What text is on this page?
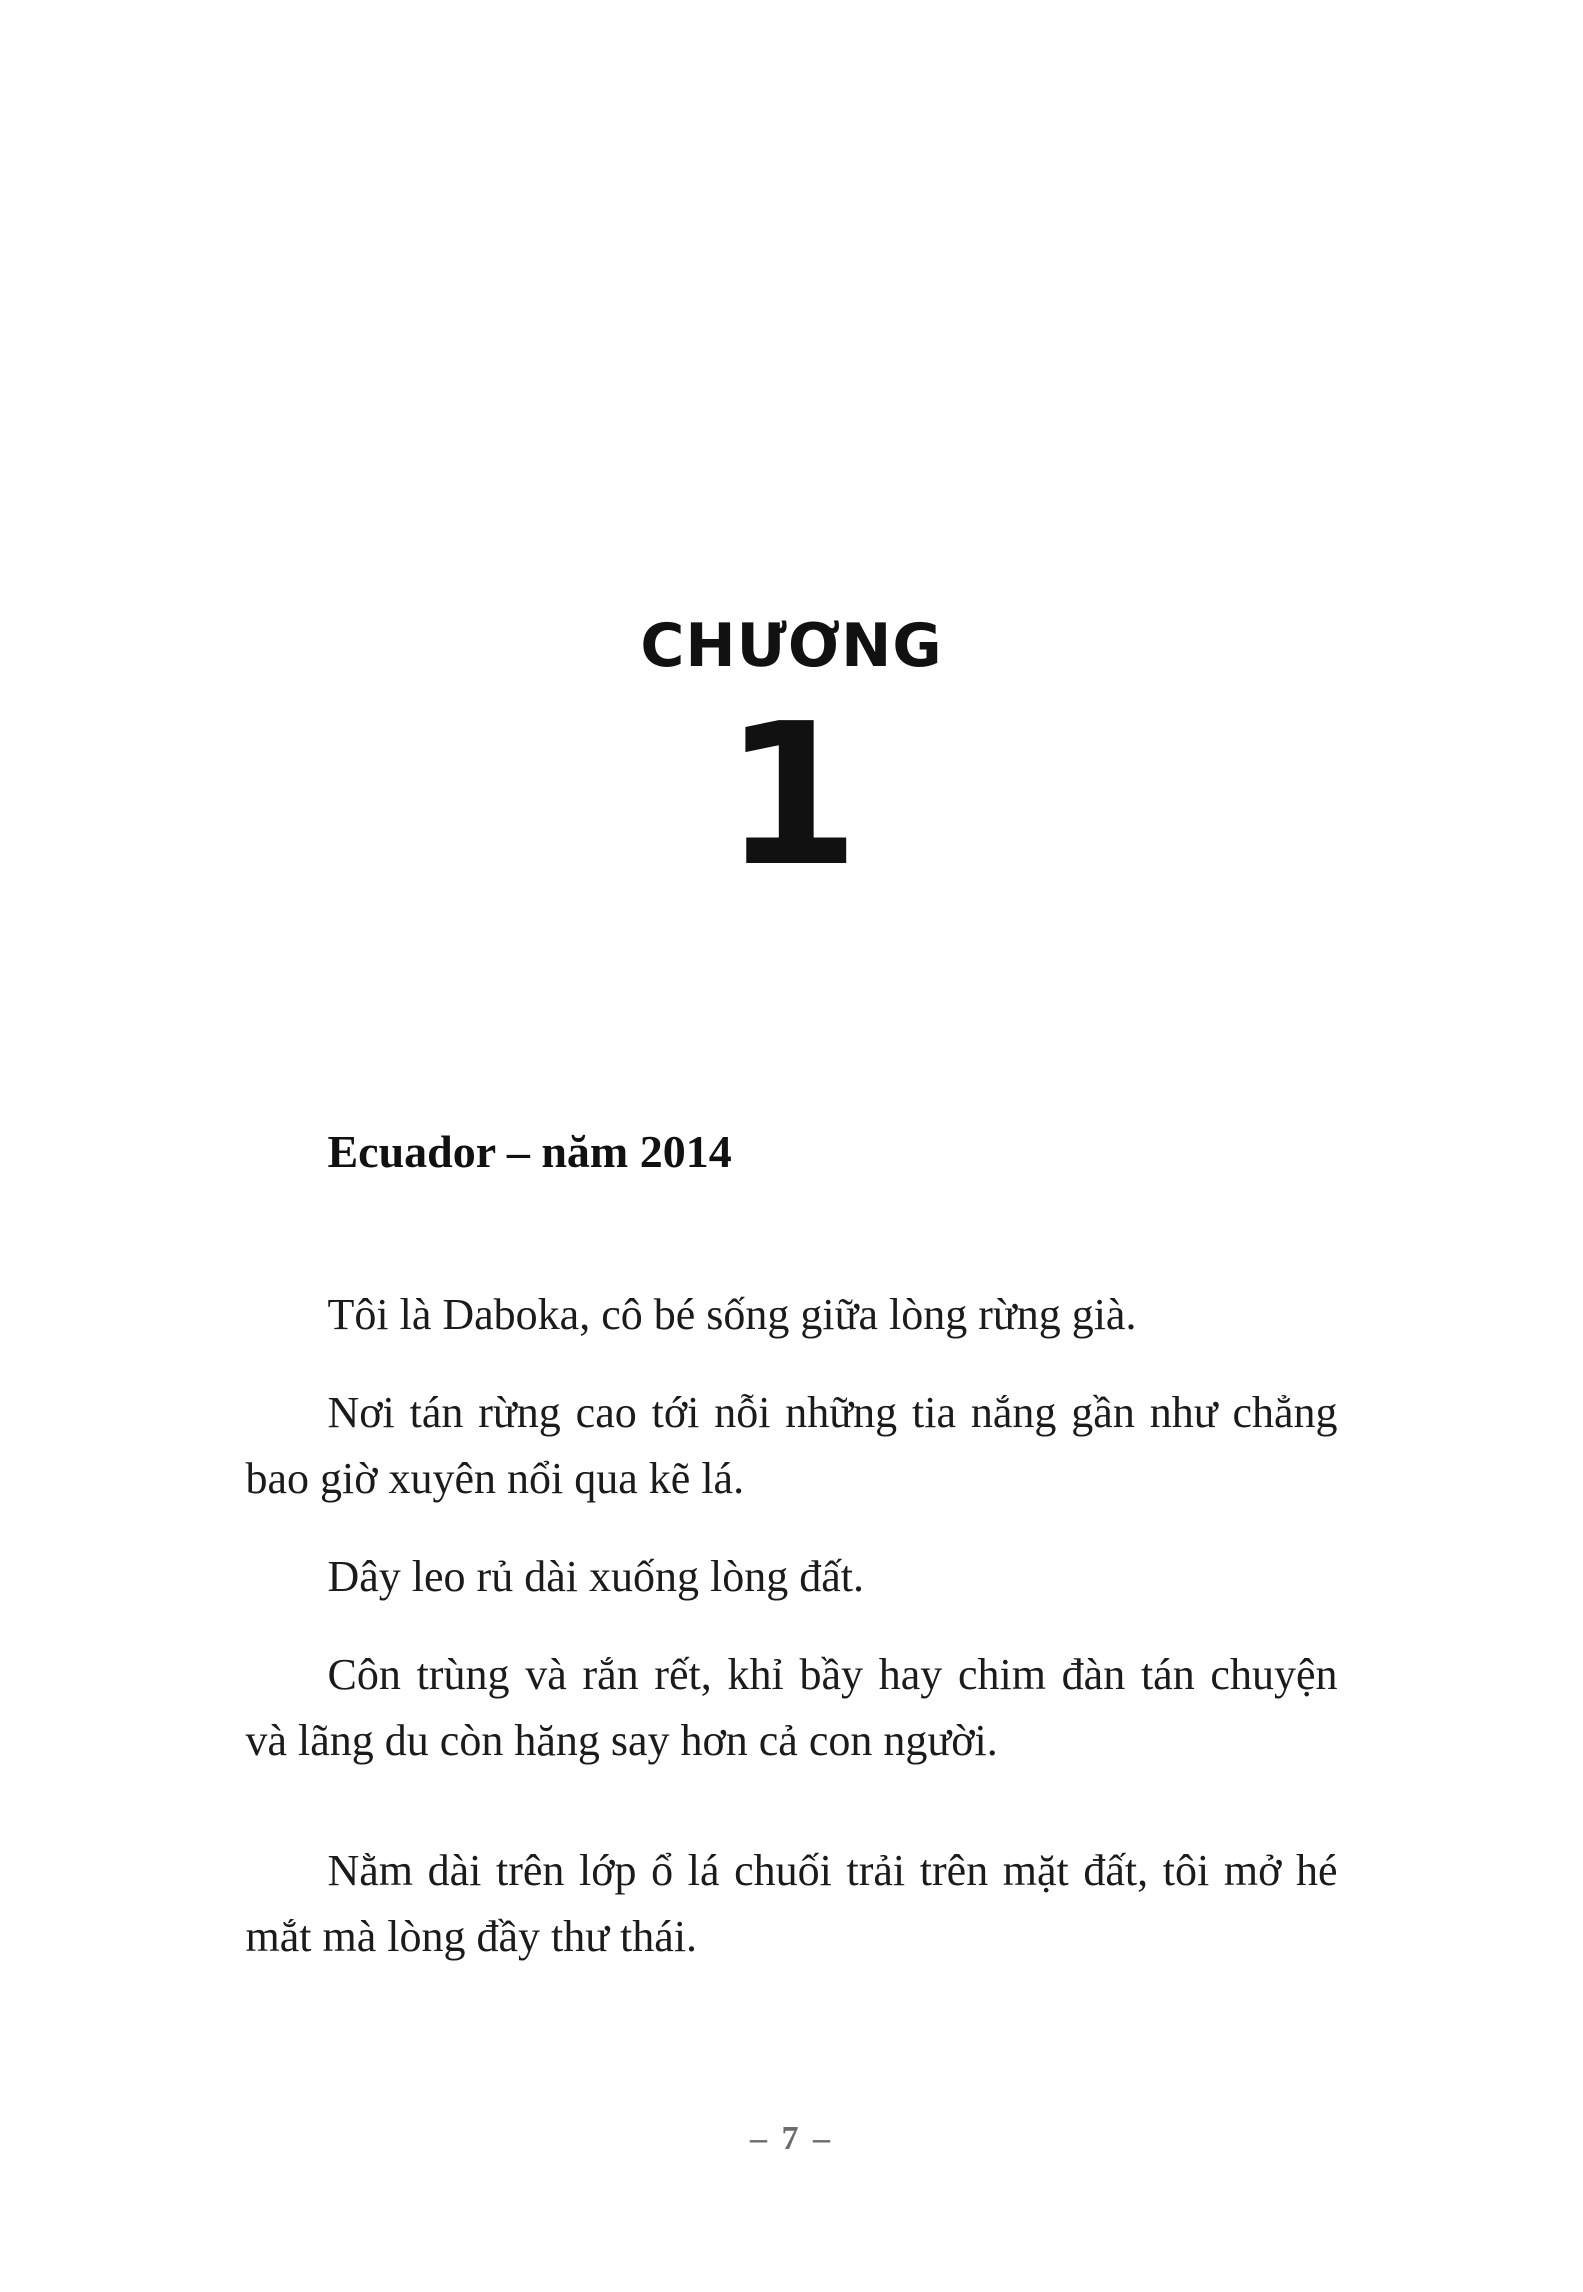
CHƯƠNG
1
Ecuador – năm 2014

Tôi là Daboka, cô bé sống giữa lòng rừng già.

Nơi tán rừng cao tới nỗi những tia nắng gần như chẳng bao giờ xuyên nổi qua kẽ lá.

Dây leo rủ dài xuống lòng đất.

Côn trùng và rắn rết, khỉ bầy hay chim đàn tán chuyện và lãng du còn hăng say hơn cả con người.

Nằm dài trên lớp ổ lá chuối trải trên mặt đất, tôi mở hé mắt mà lòng đầy thư thái.

– 7 –
